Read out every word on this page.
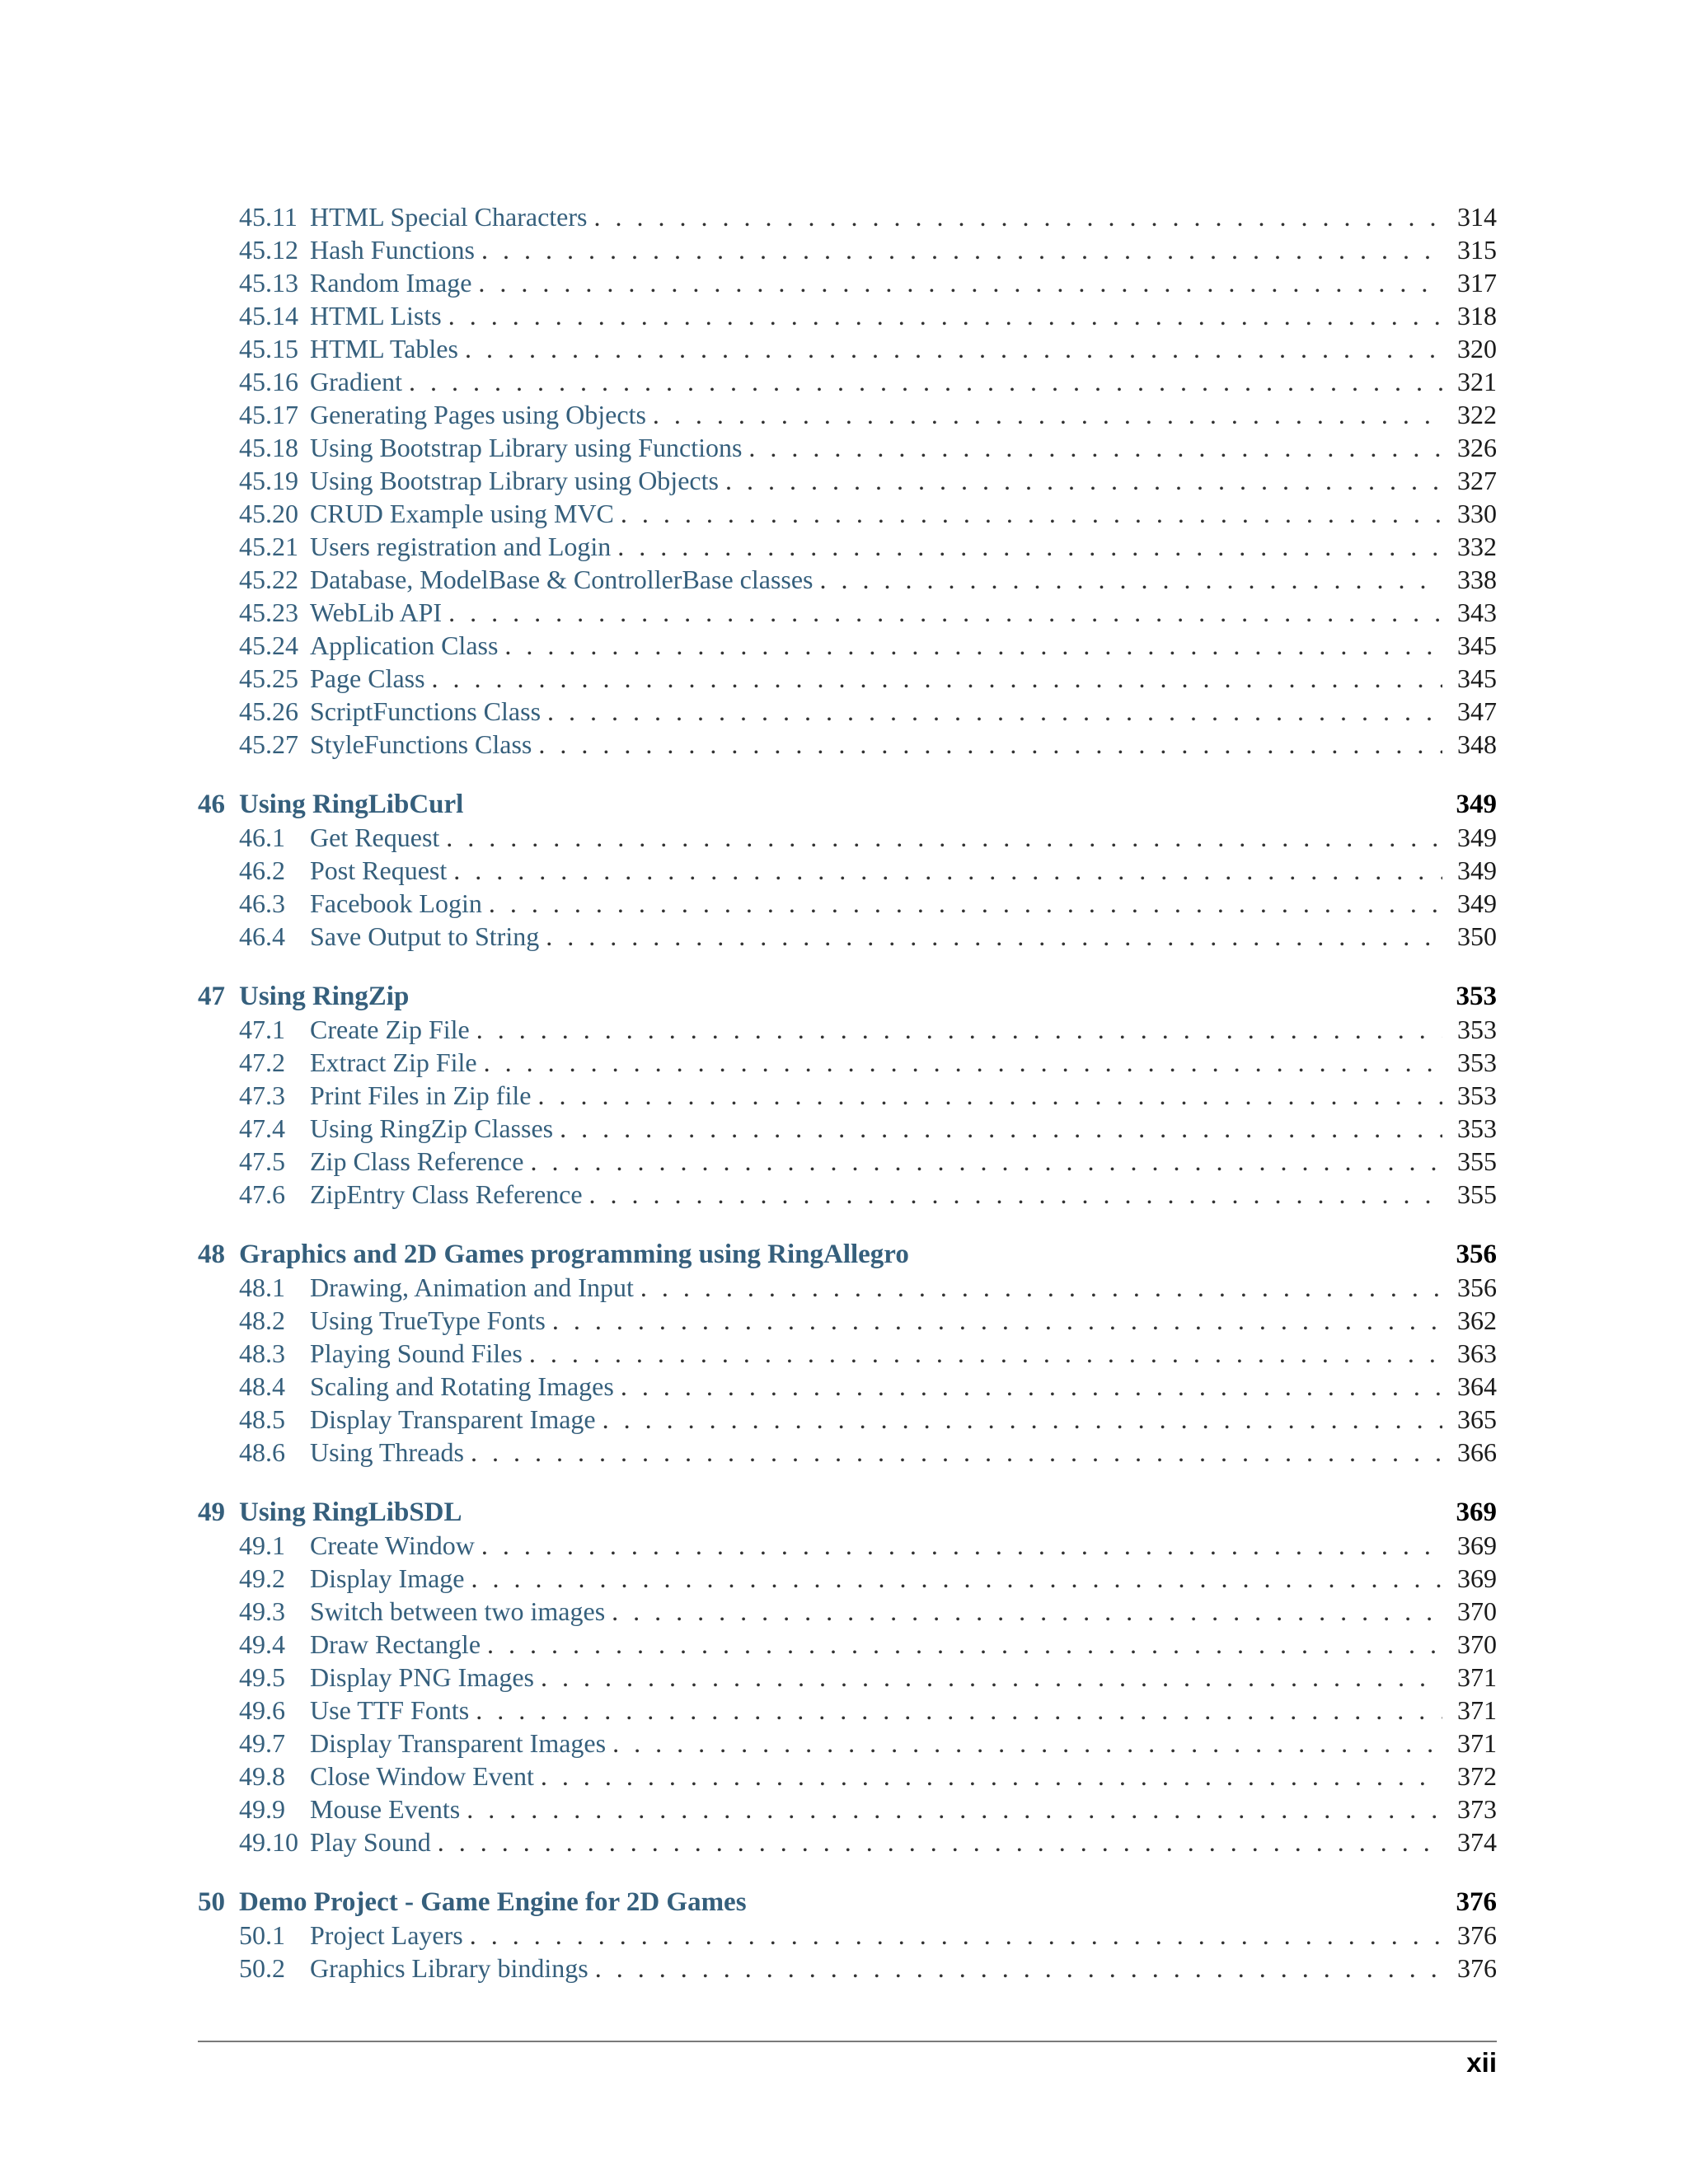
45.11 HTML Special Characters . . .	314
45.12 Hash Functions . . .	315
45.13 Random Image . . .	317
45.14 HTML Lists . . .	318
45.15 HTML Tables . . .	320
45.16 Gradient . . .	321
45.17 Generating Pages using Objects . . .	322
45.18 Using Bootstrap Library using Functions . . .	326
45.19 Using Bootstrap Library using Objects . . .	327
45.20 CRUD Example using MVC . . .	330
45.21 Users registration and Login . . .	332
45.22 Database, ModelBase & ControllerBase classes . . .	338
45.23 WebLib API . . .	343
45.24 Application Class . . .	345
45.25 Page Class . . .	345
45.26 ScriptFunctions Class . . .	347
45.27 StyleFunctions Class . . .	348
46 Using RingLibCurl	349
46.1 Get Request . . .	349
46.2 Post Request . . .	349
46.3 Facebook Login . . .	349
46.4 Save Output to String . . .	350
47 Using RingZip	353
47.1 Create Zip File . . .	353
47.2 Extract Zip File . . .	353
47.3 Print Files in Zip file . . .	353
47.4 Using RingZip Classes . . .	353
47.5 Zip Class Reference . . .	355
47.6 ZipEntry Class Reference . . .	355
48 Graphics and 2D Games programming using RingAllegro	356
48.1 Drawing, Animation and Input . . .	356
48.2 Using TrueType Fonts . . .	362
48.3 Playing Sound Files . . .	363
48.4 Scaling and Rotating Images . . .	364
48.5 Display Transparent Image . . .	365
48.6 Using Threads . . .	366
49 Using RingLibSDL	369
49.1 Create Window . . .	369
49.2 Display Image . . .	369
49.3 Switch between two images . . .	370
49.4 Draw Rectangle . . .	370
49.5 Display PNG Images . . .	371
49.6 Use TTF Fonts . . .	371
49.7 Display Transparent Images . . .	371
49.8 Close Window Event . . .	372
49.9 Mouse Events . . .	373
49.10 Play Sound . . .	374
50 Demo Project - Game Engine for 2D Games	376
50.1 Project Layers . . .	376
50.2 Graphics Library bindings . . .	376
xii
